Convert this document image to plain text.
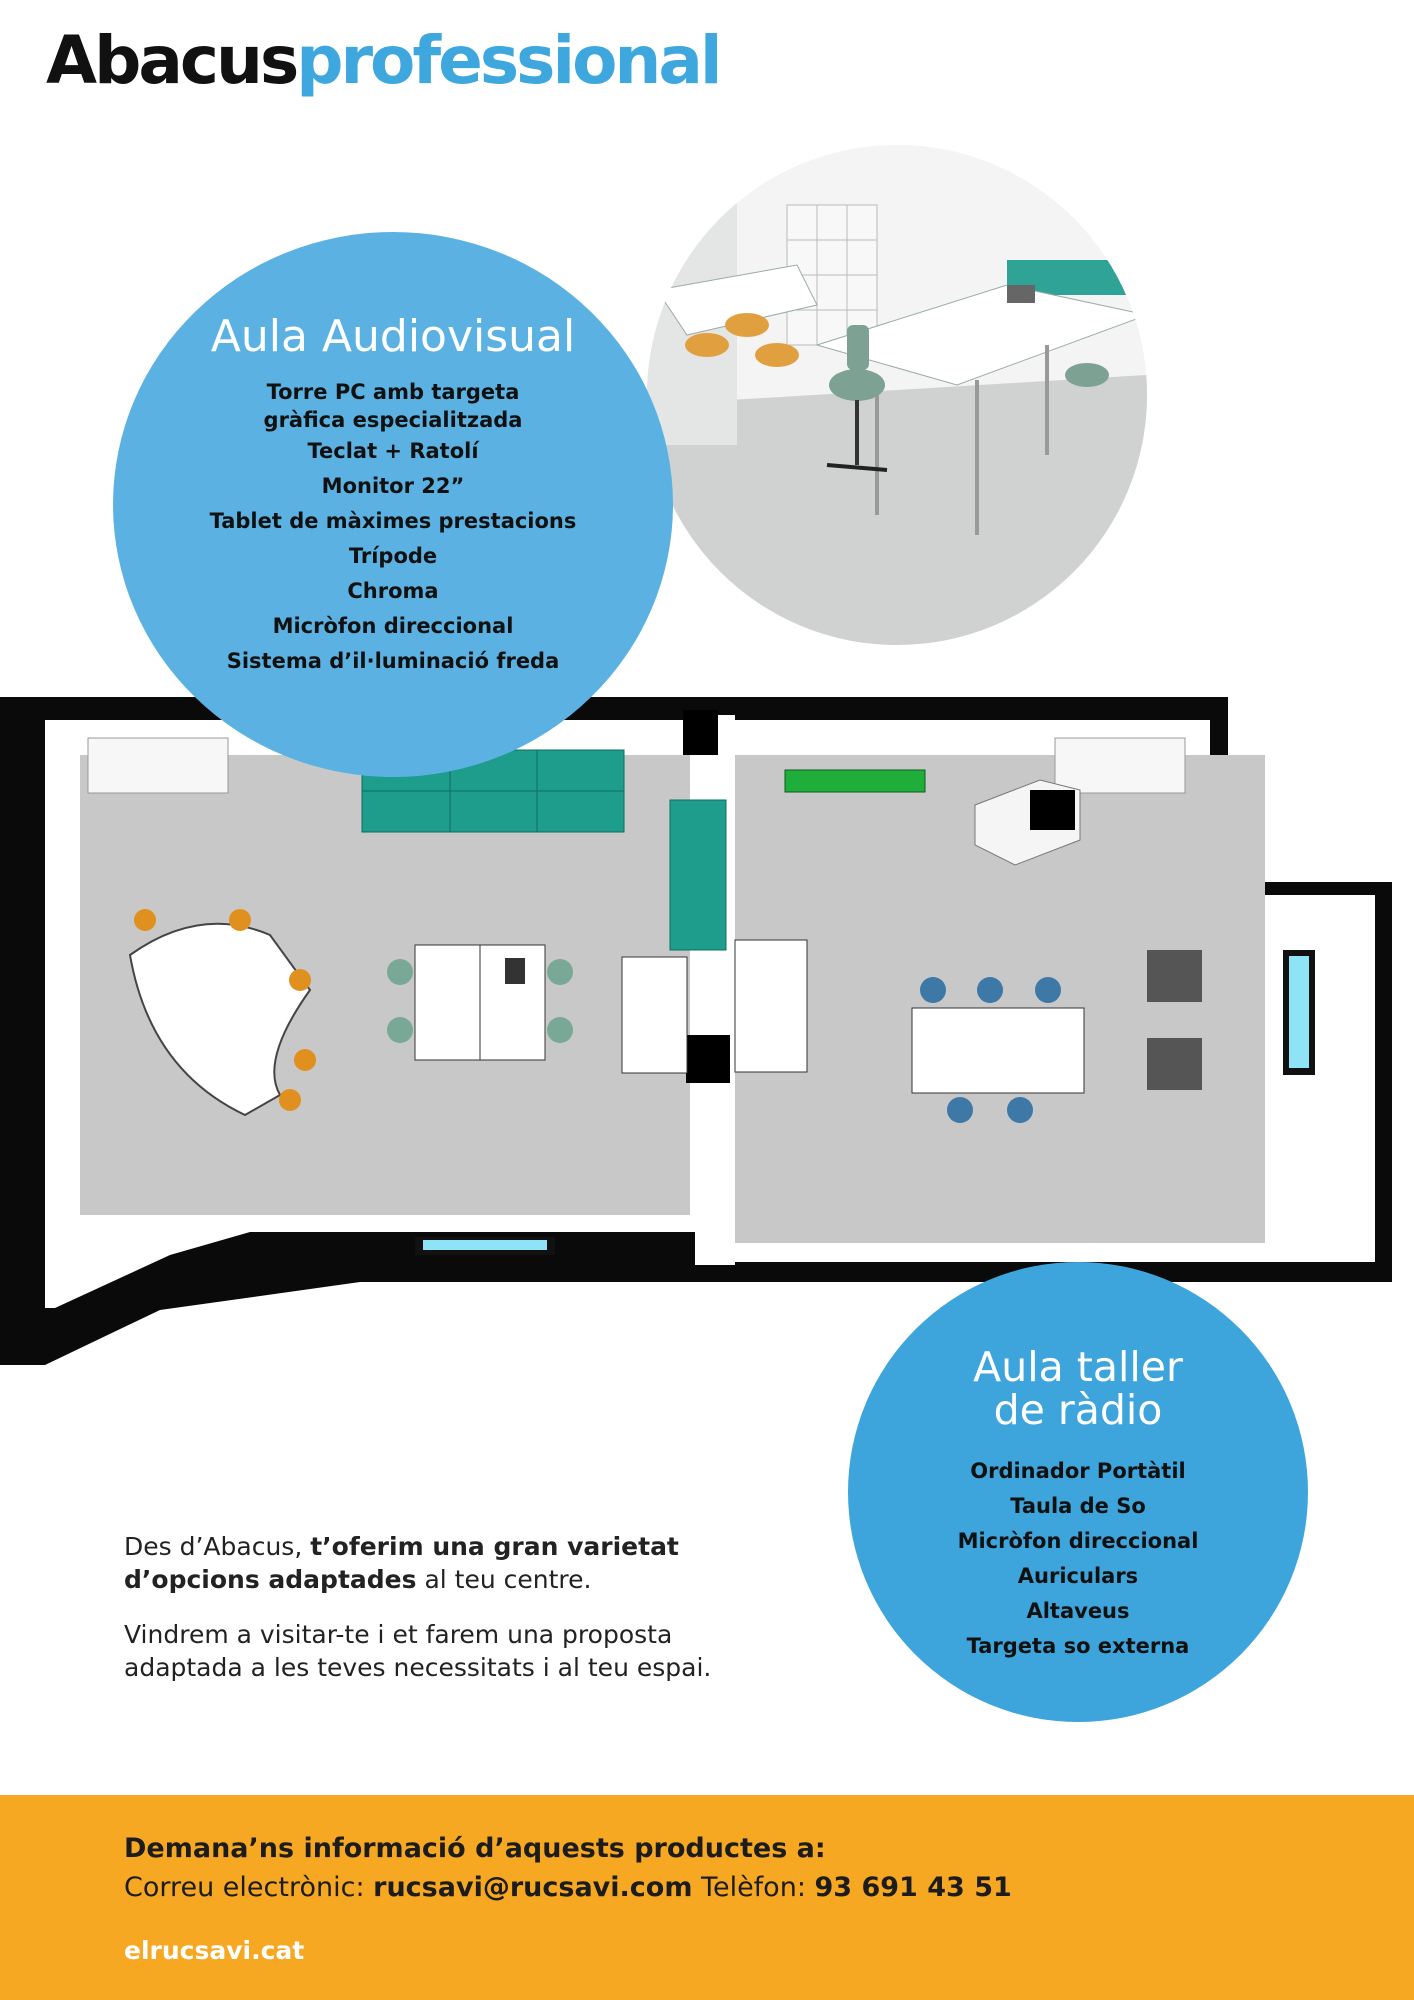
Abacusprofessional
Aula Audiovisual
Torre PC amb targeta gràfica especialitzada
Teclat + Ratolí
Monitor 22”
Tablet de màximes prestacions
Trípode
Chroma
Micròfon direccional
Sistema d’il·luminació freda
Aula taller
de ràdio
Ordinador Portàtil
Taula de So
Micròfon direccional
Auriculars
Altaveus
Targeta so externa

Des d’Abacus, t’oferim una gran varietat d’opcions adaptades al teu centre.

Vindrem a visitar-te i et farem una proposta adaptada a les teves necessitats i al teu espai.

Demana’ns informació d’aquests productes a:
Correu electrònic: rucsavi@rucsavi.com Telèfon: 93 691 43 51
elrucsavi.cat
